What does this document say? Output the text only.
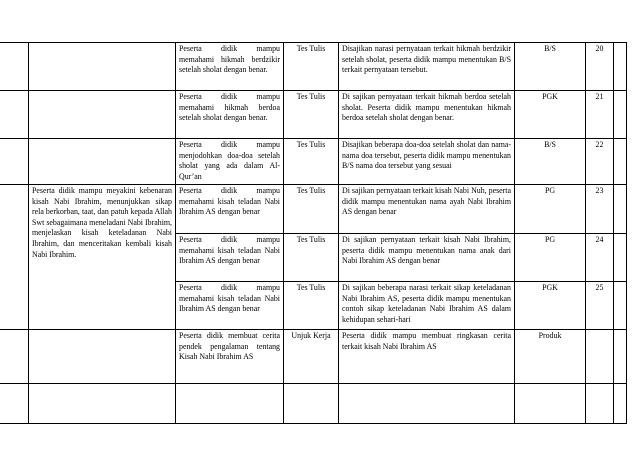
		Peserta didik mampu memahami hikmah berdzikir setelah sholat dengan benar.	Tes Tulis	Disajikan narasi pernyataan terkait hikmah berdzikir setelah sholat, peserta didik mampu menentukan B/S terkait pernyataan tersebut.	B/S	20	
		Peserta didik mampu memahami hikmah berdoa setelah sholat dengan benar.	Tes Tulis	Di sajikan pernyataan terkait hikmah berdoa setelah sholat. Peserta didik mampu menentukan hikmah berdoa setelah sholat dengan benar.	PGK	21	
		Peserta didik mampu menjodohkan doa-doa setelah sholat yang ada dalam Al-Qur’an	Tes Tulis	Disajikan beberapa doa-doa setelah sholat dan nama-nama doa tersebut, peserta didik mampu menentukan B/S nama doa tersebut yang sesuai	B/S	22	
	Peserta didik mampu meyakini kebenaran kisah Nabi Ibrahim, menunjukkan sikap rela berkorban, taat, dan patuh kepada Allah Swt sebagaimana meneladani Nabi Ibrahim, menjelaskan kisah keteladanan Nabi Ibrahim, dan menceritakan kembali kisah Nabi Ibrahim.	Peserta didik mampu memahami kisah teladan Nabi Ibrahim AS dengan benar	Tes Tulis	Di sajikan pernyataan terkait kisah Nabi Nuh, peserta didik mampu menentukan nama ayah Nabi Ibrahim AS dengan benar	PG	23	
		Peserta didik mampu memahami kisah teladan Nabi Ibrahim AS dengan benar	Tes Tulis	Di sajikan pernyataan terkait kisah Nabi Ibrahim, peserta didik mampu menentukan nama anak dari Nabi Ibrahim AS dengan benar	PG	24	
		Peserta didik mampu memahami kisah teladan Nabi Ibrahim AS dengan benar	Tes Tulis	Di sajikan beberapa narasi terkait sikap keteladanan Nabi Ibrahim AS, peserta didik mampu menentukan contoh sikap keteladanan Nabi Ibrahim AS dalam kehidupan sehari-hari	PGK	25	
		Peserta didik membuat cerita pendek pengalaman tentang Kisah Nabi Ibrahim AS	Unjuk Kerja	Peserta didik mampu membuat ringkasan cerita terkait kisah Nabi Ibrahim AS	Produk		
